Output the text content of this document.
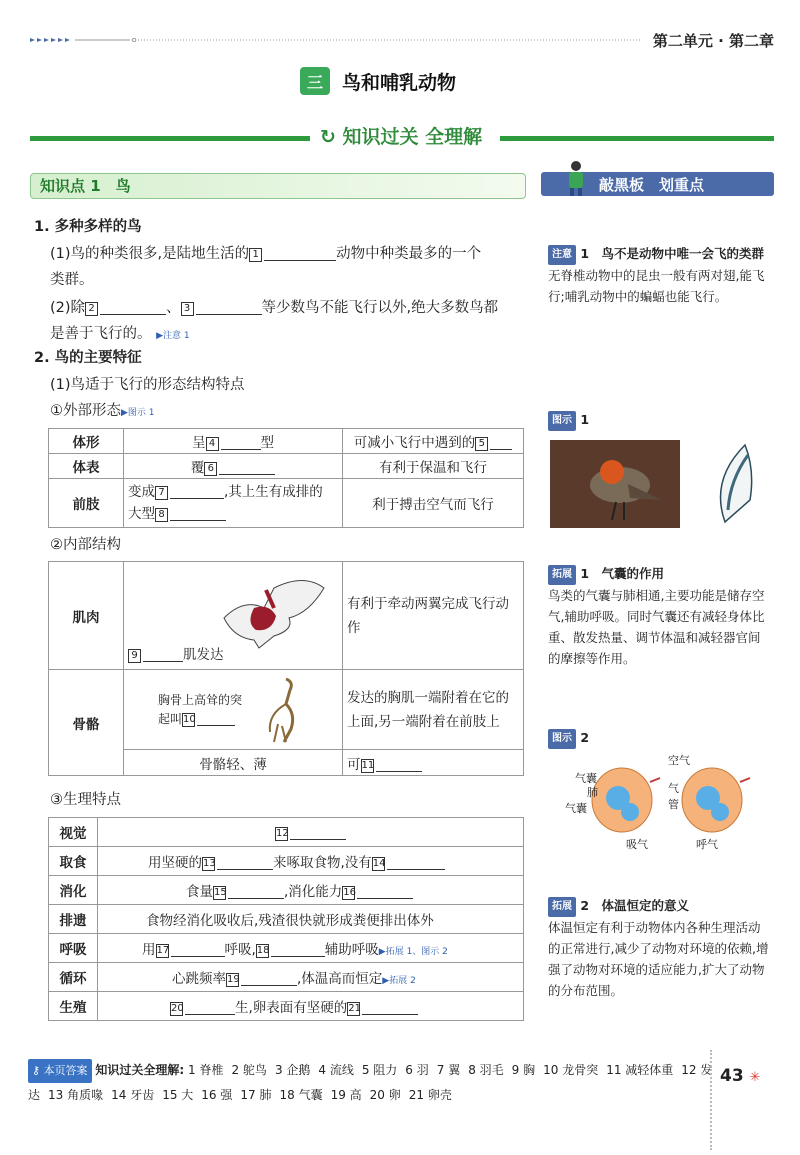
第二单元 · 第二章
三	鸟和哺乳动物
↻ 知识过关 全理解
知识点 1　鸟	敲黑板　划重点
1. 多种多样的鸟
(1)鸟的种类很多,是陆地生活的 1	动物中种类最多的一个
类群。
(2)除 2	、 3	等少数鸟不能飞行以外,绝大多数鸟都
是善于飞行的。 ▶注意 1
2. 鸟的主要特征
(1)鸟适于飞行的形态结构特点
①外部形态▶图示 1
体形	呈 4 型	可减小飞行中遇到的 5
体表	覆 6	有利于保温和飞行
前肢	变成 7 ,其上生有成排的
大型 8	利于搏击空气而飞行
②内部结构
肌肉	9 肌发达	有利于牵动两翼完成飞行动作
骨骼	胸骨上高耸的突
起叫10	发达的胸肌一端附着在它的上面,另一端附着在前肢上
	骨骼轻、薄	可11
③生理特点
视觉	12
取食	用坚硬的13 来啄取食物,没有14
消化	食量15 ,消化能力16
排遗	食物经消化吸收后,残渣很快就形成粪便排出体外
呼吸	用17 呼吸,18 辅助呼吸▶拓展 1、图示 2
循环	心跳频率19 ,体温高而恒定▶拓展 2
生殖	20 生,卵表面有坚硬的21
注意 1　鸟不是动物中唯一会飞的类群
无脊椎动物中的昆虫一般有两对翅,能飞行;哺乳动物中的蝙蝠也能飞行。
图示 1
拓展 1　气囊的作用
鸟类的气囊与肺相通,主要功能是储存空气,辅助呼吸。同时气囊还有减轻身体比重、散发热量、调节体温和减轻器官间的摩擦等作用。
图示 2
空气
气囊
肺
气囊
气
管
吸气	呼气
拓展 2　体温恒定的意义
体温恒定有利于动物体内各种生理活动的正常进行,减少了动物对环境的依赖,增强了动物对环境的适应能力,扩大了动物的分布范围。
⚷ 本页答案 知识过关全理解: 1 脊椎 2 鸵鸟 3 企鹅 4 流线 5 阻力 6 羽 7 翼 8 羽毛 9 胸 10 龙骨突 11 减轻体重 12 发达 13 角质喙 14 牙齿 15 大 16 强 17 肺 18 气囊 19 高 20 卵 21 卵壳
43 ✳
